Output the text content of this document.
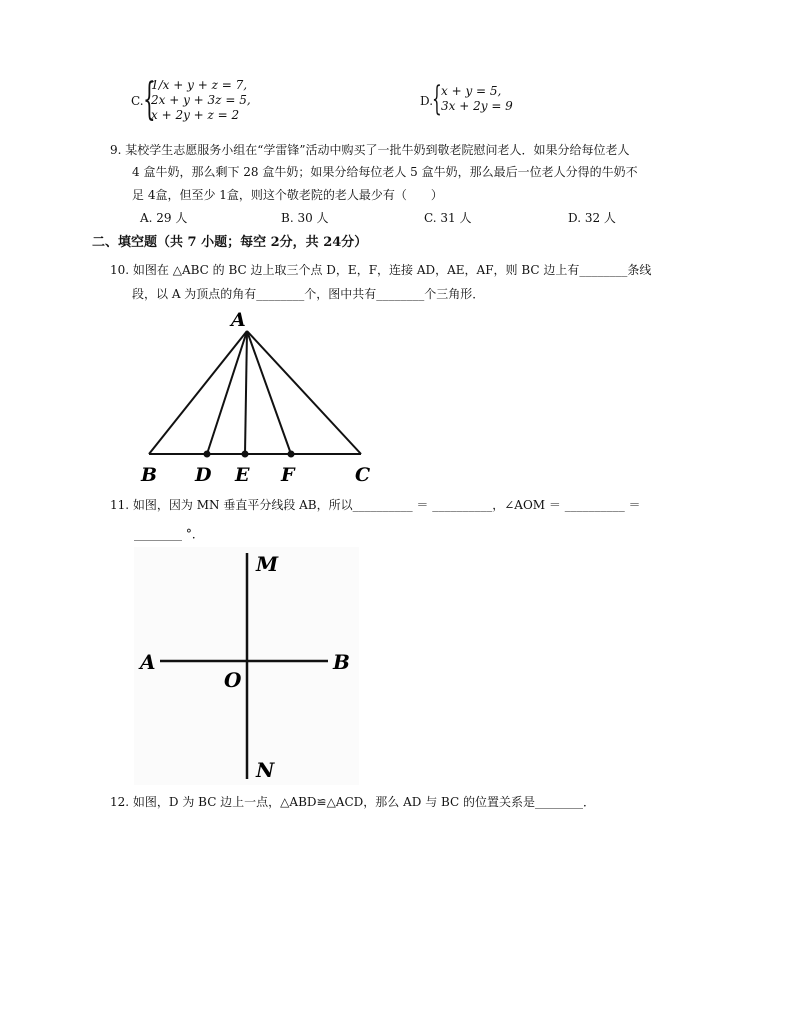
C. {
1/x + y + z = 7,
2x + y + 3z = 5,
x + 2y + z = 2
D.
{ x + y = 5,
3x + 2y = 9
9. 某校学生志愿服务小组在“学雷锋”活动中购买了一批牛奶到敬老院慰问老人．如果分给每位老人
4 盒牛奶，那么剩下 28 盒牛奶；如果分给每位老人 5 盒牛奶，那么最后一位老人分得的牛奶不
足 4盒，但至少 1盒，则这个敬老院的老人最少有（　　）
A. 29 人	B. 30 人	C. 31 人	D. 32 人
二、填空题（共 7 小题；每空 2分，共 24分）
10. 如图在 △ABC 的 BC 边上取三个点 D，E，F，连接 AD，AE，AF，则 BC 边上有________条线
段，以 A 为顶点的角有________个，图中共有________个三角形．
A
B D E F	C
11. 如图，因为 MN 垂直平分线段 AB，所以__________ ＝ __________，∠AOM ＝ __________ ＝
________ °．
M
A
O
B
N
12. 如图，D 为 BC 边上一点，△ABD≌△ACD，那么 AD 与 BC 的位置关系是________．
